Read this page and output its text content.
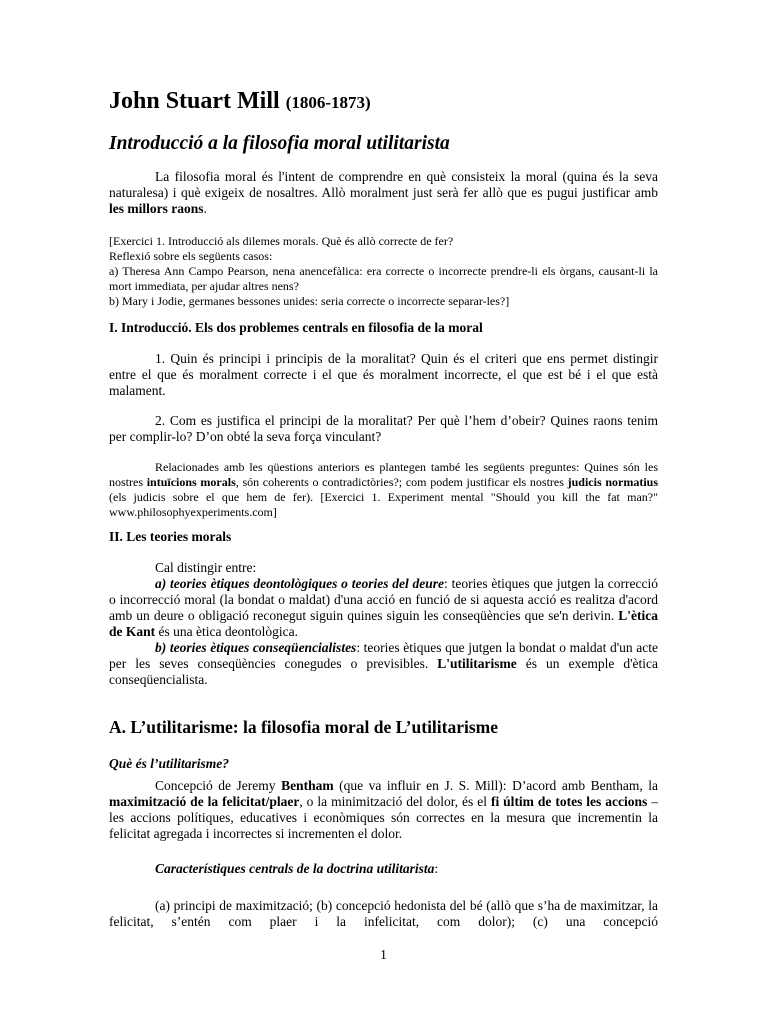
John Stuart Mill (1806-1873)
Introducció a la filosofia moral utilitarista

La filosofia moral és l'intent de comprendre en què consisteix la moral (quina és la seva naturalesa) i què exigeix de nosaltres. Allò moralment just serà fer allò que es pugui justificar amb les millors raons.

[Exercici 1. Introducció als dilemes morals. Què és allò correcte de fer?
Reflexió sobre els següents casos:
a) Theresa Ann Campo Pearson, nena anencefàlica: era correcte o incorrecte prendre-li els òrgans, causant-li la mort immediata, per ajudar altres nens?
b) Mary i Jodie, germanes bessones unides: seria correcte o incorrecte separar-les?]
I. Introducció. Els dos problemes centrals en filosofia de la moral

1. Quin és principi i principis de la moralitat? Quin és el criteri que ens permet distingir entre el que és moralment correcte i el que és moralment incorrecte, el que est bé i el que està malament.

2. Com es justifica el principi de la moralitat? Per què l’hem d’obeir? Quines raons tenim per complir-lo? D’on obté la seva força vinculant?

Relacionades amb les qüestions anteriors es plantegen també les següents preguntes: Quines són les nostres intuïcions morals, són coherents o contradictòries?; com podem justificar els nostres judicis normatius (els judicis sobre el que hem de fer). [Exercici 1. Experiment mental "Should you kill the fat man?" www.philosophyexperiments.com]

II. Les teories morals
Cal distingir entre:
a) teories ètiques deontològiques o teories del deure: teories ètiques que jutgen la correcció o incorrecció moral (la bondat o maldat) d'una acció en funció de si aquesta acció es realitza d'acord amb un deure o obligació reconegut siguin quines siguin les conseqüències que se'n derivin. L'ètica de Kant és una ètica deontològica.
b) teories ètiques conseqüencialistes: teories ètiques que jutgen la bondat o maldat d'un acte per les seves conseqüències conegudes o previsibles. L'utilitarisme és un exemple d'ètica conseqüencialista.
A. L’utilitarisme: la filosofia moral de L’utilitarisme
Què és l’utilitarisme?

Concepció de Jeremy Bentham (que va influir en J. S. Mill): D’acord amb Bentham, la maximització de la felicitat/plaer, o la minimització del dolor, és el fi últim de totes les accions –les accions polítiques, educatives i econòmiques són correctes en la mesura que incrementin la felicitat agregada i incorrectes si incrementen el dolor.

Característiques centrals de la doctrina utilitarista:

(a) principi de maximització; (b) concepció hedonista del bé (allò que s’ha de maximitzar, la felicitat, s’entén com plaer i la infelicitat, com dolor); (c) una concepció

1
